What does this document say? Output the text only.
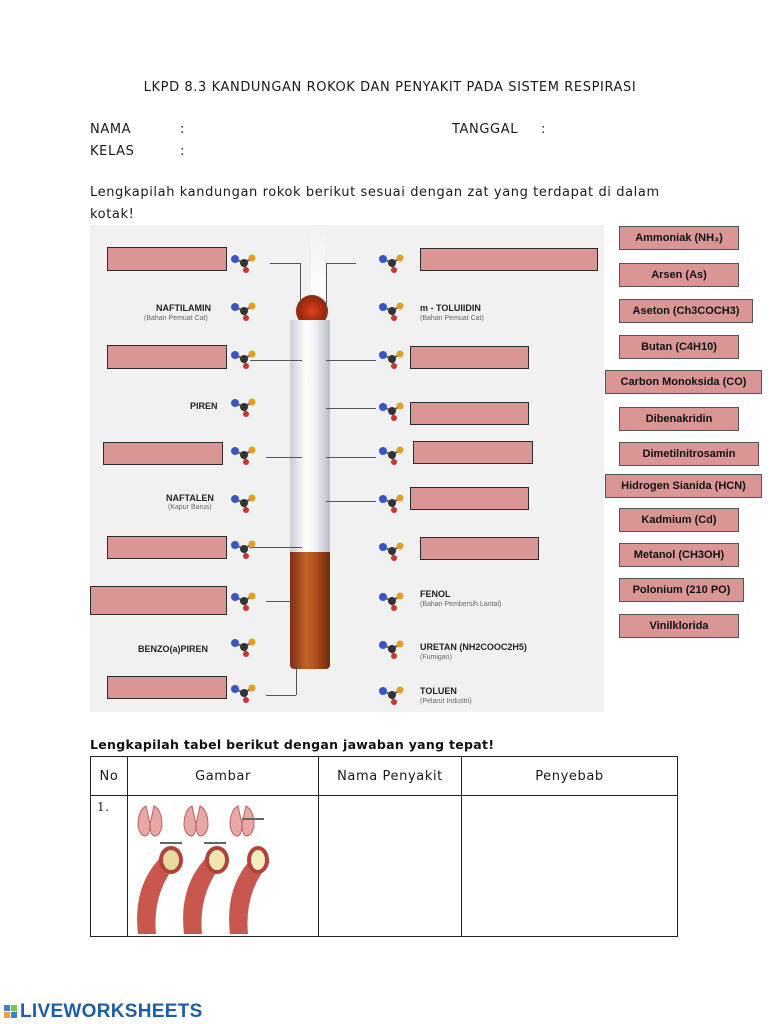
LKPD 8.3 KANDUNGAN ROKOK DAN PENYAKIT PADA SISTEM RESPIRASI
NAMA	:
KELAS	:
TANGGAL :
Lengkapilah kandungan rokok berikut sesuai dengan zat yang terdapat di dalam
kotak!
NAFTILAMIN
(Bahan Pemuat Cat)
PIREN
NAFTALEN
(Kapur Barus)
BENZO(a)PIREN
m - TOLUIIDIN
(Bahan Pemuat Cat)
FENOL
(Bahan Pembersih Lantai)
URETAN (NH2COOC2H5)
(Fumigan)
TOLUEN
(Pelarut Industri)
Ammoniak (NH₃)
Arsen (As)
Aseton (Ch3COCH3)
Butan (C4H10)
Carbon Monoksida (CO)
Dibenakridin
Dimetilnitrosamin
Hidrogen Sianida (HCN)
Kadmium (Cd)
Metanol (CH3OH)
Polonium (210 PO)
Vinilklorida
Lengkapilah tabel berikut dengan jawaban yang tepat!
No	Gambar	Nama Penyakit	Penyebab
1.	

LIVEWORKSHEETS
